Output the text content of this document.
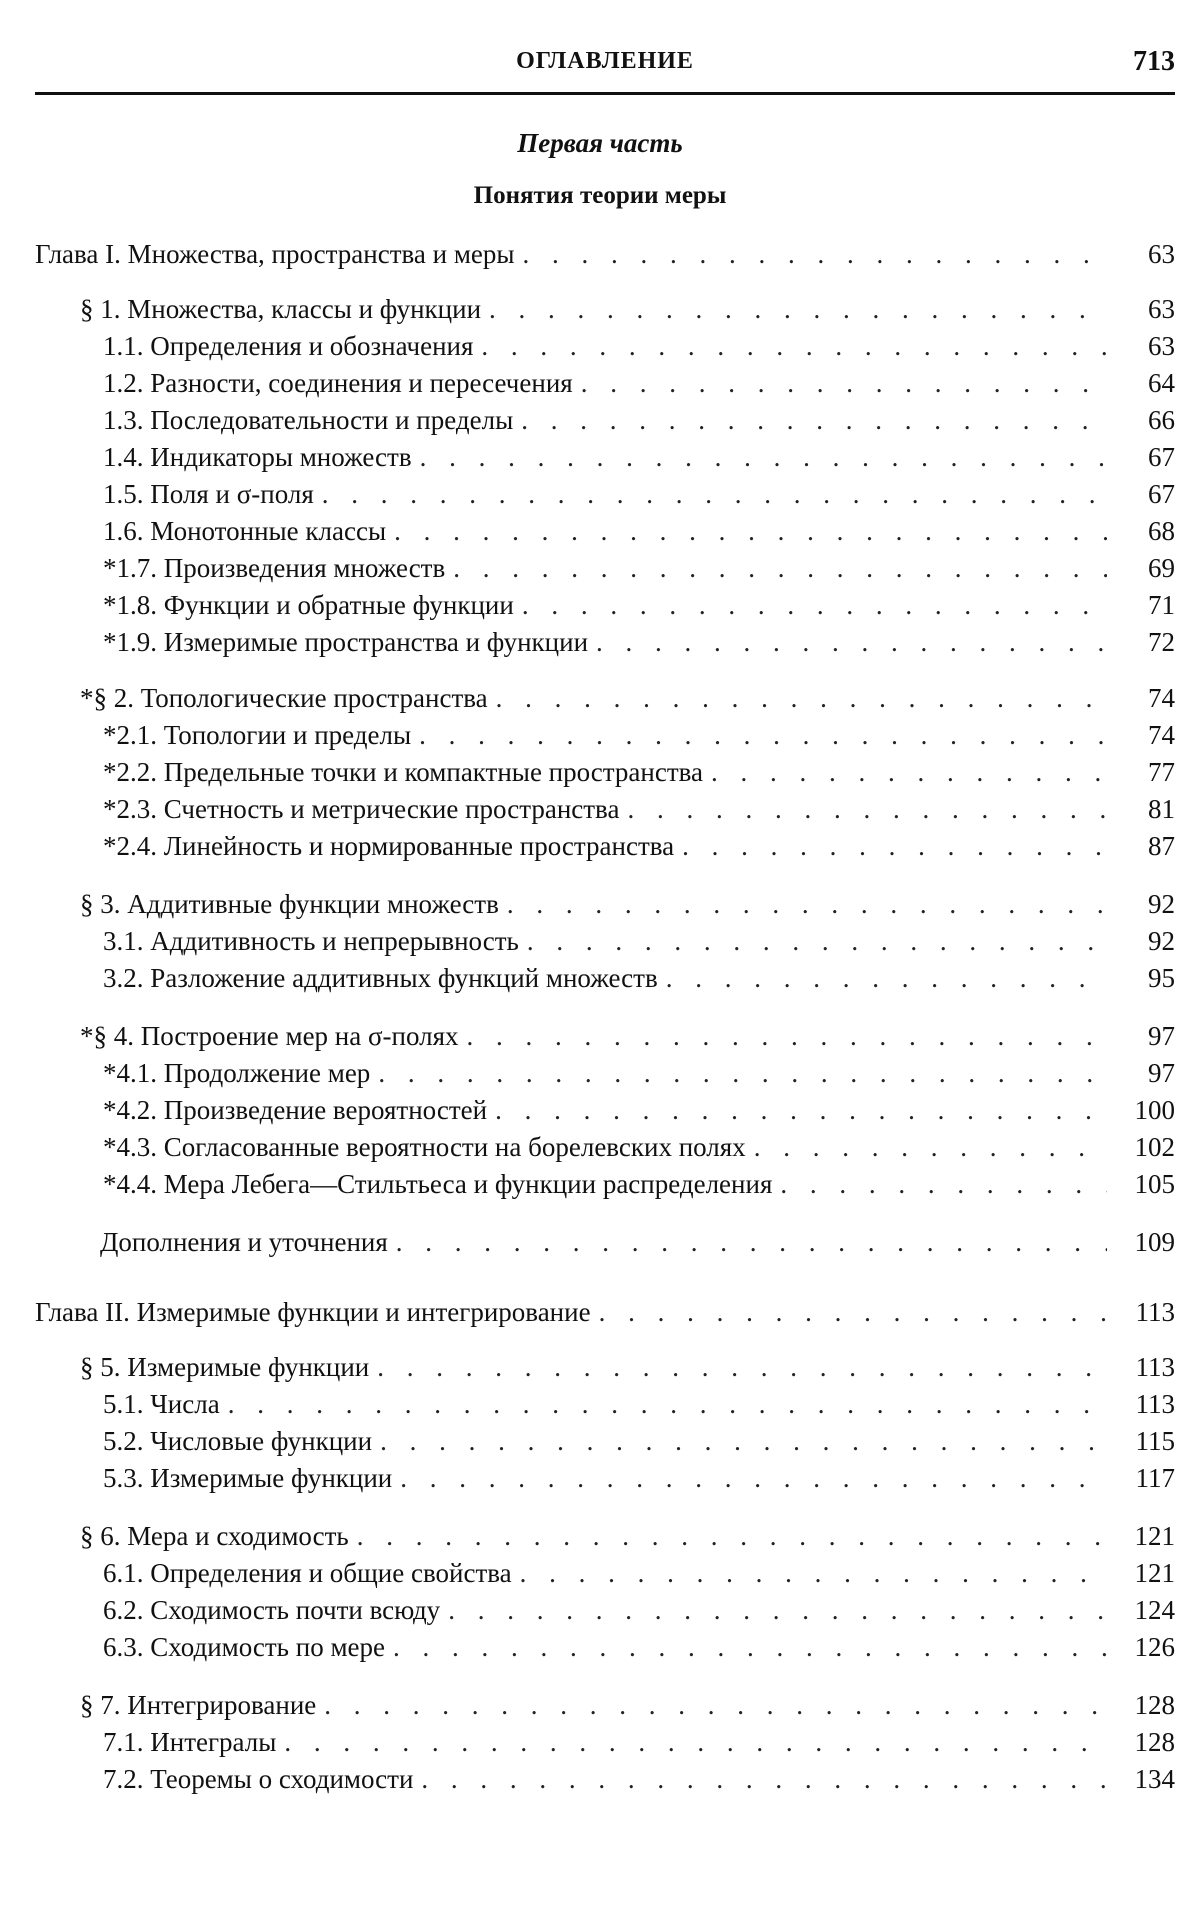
ОГЛАВЛЕНИЕ	713
Первая часть
Понятия теории меры
Глава I. Множества, пространства и меры . . .	63
§ 1. Множества, классы и функции . . .	63
1.1. Определения и обозначения . . .	63
1.2. Разности, соединения и пересечения . . .	64
1.3. Последовательности и пределы . . .	66
1.4. Индикаторы множеств . . .	67
1.5. Поля и σ-поля . . .	67
1.6. Монотонные классы . . .	68
*1.7. Произведения множеств . . .	69
*1.8. Функции и обратные функции . . .	71
*1.9. Измеримые пространства и функции . . .	72
*§ 2. Топологические пространства . . .	74
*2.1. Топологии и пределы . . .	74
*2.2. Предельные точки и компактные пространства . . .	77
*2.3. Счетность и метрические пространства . . .	81
*2.4. Линейность и нормированные пространства . . .	87
§ 3. Аддитивные функции множеств . . .	92
3.1. Аддитивность и непрерывность . . .	92
3.2. Разложение аддитивных функций множеств . . .	95
*§ 4. Построение мер на σ-полях . . .	97
*4.1. Продолжение мер . . .	97
*4.2. Произведение вероятностей . . .	100
*4.3. Согласованные вероятности на борелевских полях . . .	102
*4.4. Мера Лебега—Стильтьеса и функции распределения . . .	105
Дополнения и уточнения . . .	109
Глава II. Измеримые функции и интегрирование . . .	113
§ 5. Измеримые функции . . .	113
5.1. Числа . . .	113
5.2. Числовые функции . . .	115
5.3. Измеримые функции . . .	117
§ 6. Мера и сходимость . . .	121
6.1. Определения и общие свойства . . .	121
6.2. Сходимость почти всюду . . .	124
6.3. Сходимость по мере . . .	126
§ 7. Интегрирование . . .	128
7.1. Интегралы . . .	128
7.2. Теоремы о сходимости . . .	134
